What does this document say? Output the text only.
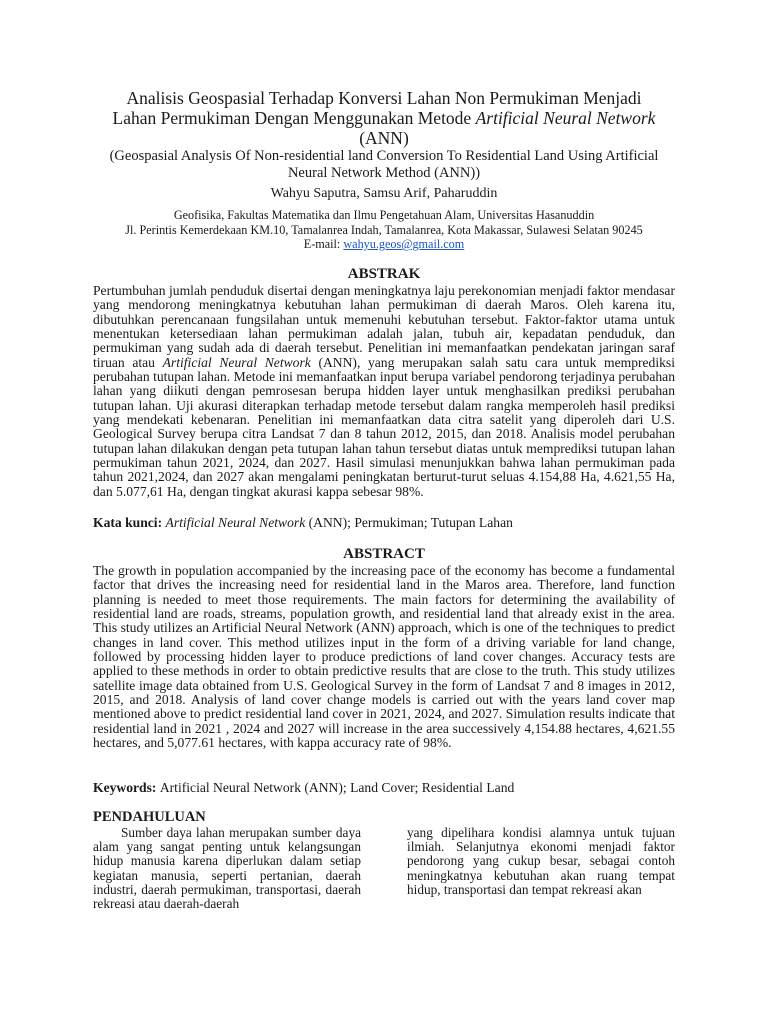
Analisis Geospasial Terhadap Konversi Lahan Non Permukiman Menjadi
Lahan Permukiman Dengan Menggunakan Metode Artificial Neural Network
(ANN)
(Geospasial Analysis Of Non-residential land Conversion To Residential Land Using Artificial Neural Network Method (ANN))
Wahyu Saputra, Samsu Arif, Paharuddin
Geofisika, Fakultas Matematika dan Ilmu Pengetahuan Alam, Universitas Hasanuddin
Jl. Perintis Kemerdekaan KM.10, Tamalanrea Indah, Tamalanrea, Kota Makassar, Sulawesi Selatan 90245
E-mail: wahyu.geos@gmail.com
ABSTRAK
Pertumbuhan jumlah penduduk disertai dengan meningkatnya laju perekonomian menjadi faktor mendasar yang mendorong meningkatnya kebutuhan lahan permukiman di daerah Maros. Oleh karena itu, dibutuhkan perencanaan fungsilahan untuk memenuhi kebutuhan tersebut. Faktor-faktor utama untuk menentukan ketersediaan lahan permukiman adalah jalan, tubuh air, kepadatan penduduk, dan permukiman yang sudah ada di daerah tersebut. Penelitian ini memanfaatkan pendekatan jaringan saraf tiruan atau Artificial Neural Network (ANN), yang merupakan salah satu cara untuk memprediksi perubahan tutupan lahan. Metode ini memanfaatkan input berupa variabel pendorong terjadinya perubahan lahan yang diikuti dengan pemrosesan berupa hidden layer untuk menghasilkan prediksi perubahan tutupan lahan. Uji akurasi diterapkan terhadap metode tersebut dalam rangka memperoleh hasil prediksi yang mendekati kebenaran. Penelitian ini memanfaatkan data citra satelit yang diperoleh dari U.S. Geological Survey berupa citra Landsat 7 dan 8 tahun 2012, 2015, dan 2018. Analisis model perubahan tutupan lahan dilakukan dengan peta tutupan lahan tahun tersebut diatas untuk memprediksi tutupan lahan permukiman tahun 2021, 2024, dan 2027. Hasil simulasi menunjukkan bahwa lahan permukiman pada tahun 2021,2024, dan 2027 akan mengalami peningkatan berturut-turut seluas 4.154,88 Ha, 4.621,55 Ha, dan 5.077,61 Ha, dengan tingkat akurasi kappa sebesar 98%.
Kata kunci: Artificial Neural Network (ANN); Permukiman; Tutupan Lahan
ABSTRACT
The growth in population accompanied by the increasing pace of the economy has become a fundamental factor that drives the increasing need for residential land in the Maros area. Therefore, land function planning is needed to meet those requirements. The main factors for determining the availability of residential land are roads, streams, population growth, and residential land that already exist in the area. This study utilizes an Artificial Neural Network (ANN) approach, which is one of the techniques to predict changes in land cover. This method utilizes input in the form of a driving variable for land change, followed by processing hidden layer to produce predictions of land cover changes. Accuracy tests are applied to these methods in order to obtain predictive results that are close to the truth. This study utilizes satellite image data obtained from U.S. Geological Survey in the form of Landsat 7 and 8 images in 2012, 2015, and 2018. Analysis of land cover change models is carried out with the years land cover map mentioned above to predict residential land cover in 2021, 2024, and 2027. Simulation results indicate that residential land in 2021 , 2024 and 2027 will increase in the area successively 4,154.88 hectares, 4,621.55 hectares, and 5,077.61 hectares, with kappa accuracy rate of 98%.
Keywords: Artificial Neural Network (ANN); Land Cover; Residential Land
PENDAHULUAN
Sumber daya lahan merupakan sumber daya alam yang sangat penting untuk kelangsungan hidup manusia karena diperlukan dalam setiap kegiatan manusia, seperti pertanian, daerah industri, daerah permukiman, transportasi, daerah rekreasi atau daerah-daerah
yang dipelihara kondisi alamnya untuk tujuan ilmiah. Selanjutnya ekonomi menjadi faktor pendorong yang cukup besar, sebagai contoh meningkatnya kebutuhan akan ruang tempat hidup, transportasi dan tempat rekreasi akan
